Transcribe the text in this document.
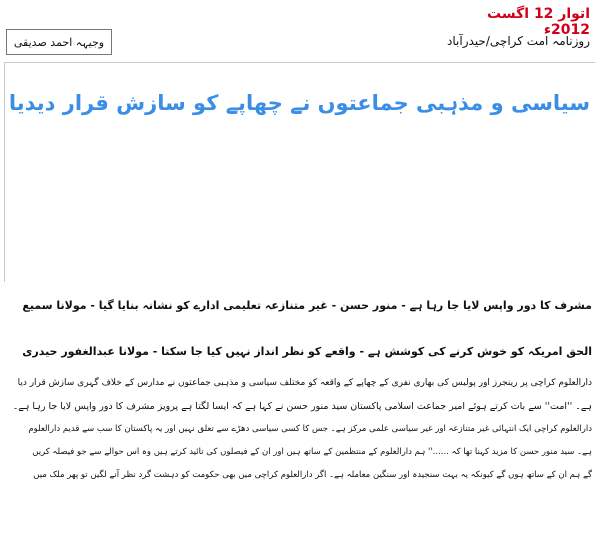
اتوار 12 اگست 2012ء
روزنامہ امت کراچی/حیدرآباد
وجیہہ احمد صدیقی
سیاسی و مذہبی جماعتوں نے چھاپے کو سازش قرار دیدیا
مشرف کا دور واپس لایا جا رہا ہے - منور حسن - غیر متنازعہ تعلیمی ادارے کو نشانہ بنایا گیا - مولانا سمیع
الحق امریکہ کو خوش کرنے کی کوشش ہے - واقعے کو نظر انداز نہیں کیا جا سکتا - مولانا عبدالغفور حیدری
دارالعلوم کراچی پر رینجرز اور پولیس کی بھاری نفری کے چھاپے کے واقعہ کو مختلف سیاسی و مذہبی جماعتوں نے مدارس کے خلاف گہری سازش قرار دیا
ہے۔ ''امت'' سے بات کرتے ہوئے امیر جماعت اسلامی پاکستان سید منور حسن نے کہا ہے کہ ایسا لگتا ہے پرویز مشرف کا دور واپس لایا جا رہا ہے۔
دارالعلوم کراچی ایک انتہائی غیر متنازعہ اور غیر سیاسی علمی مرکز ہے۔ جس کا کسی سیاسی دھڑے سے تعلق نہیں اور یہ پاکستان کا سب سے قدیم دارالعلوم
ہے۔ سید منور حسن کا مزید کہنا تھا کہ ......'' ہم دارالعلوم کے منتظمین کے ساتھ ہیں اور ان کے فیصلوں کی تائید کرتے ہیں وہ اس حوالے سے جو فیصلہ کریں
گے ہم ان کے ساتھ ہوں گے کیونکہ یہ بہت سنجیدہ اور سنگین معاملہ ہے۔ اگر دارالعلوم کراچی میں بھی حکومت کو دہشت گرد نظر آنے لگیں تو پھر ملک میں
